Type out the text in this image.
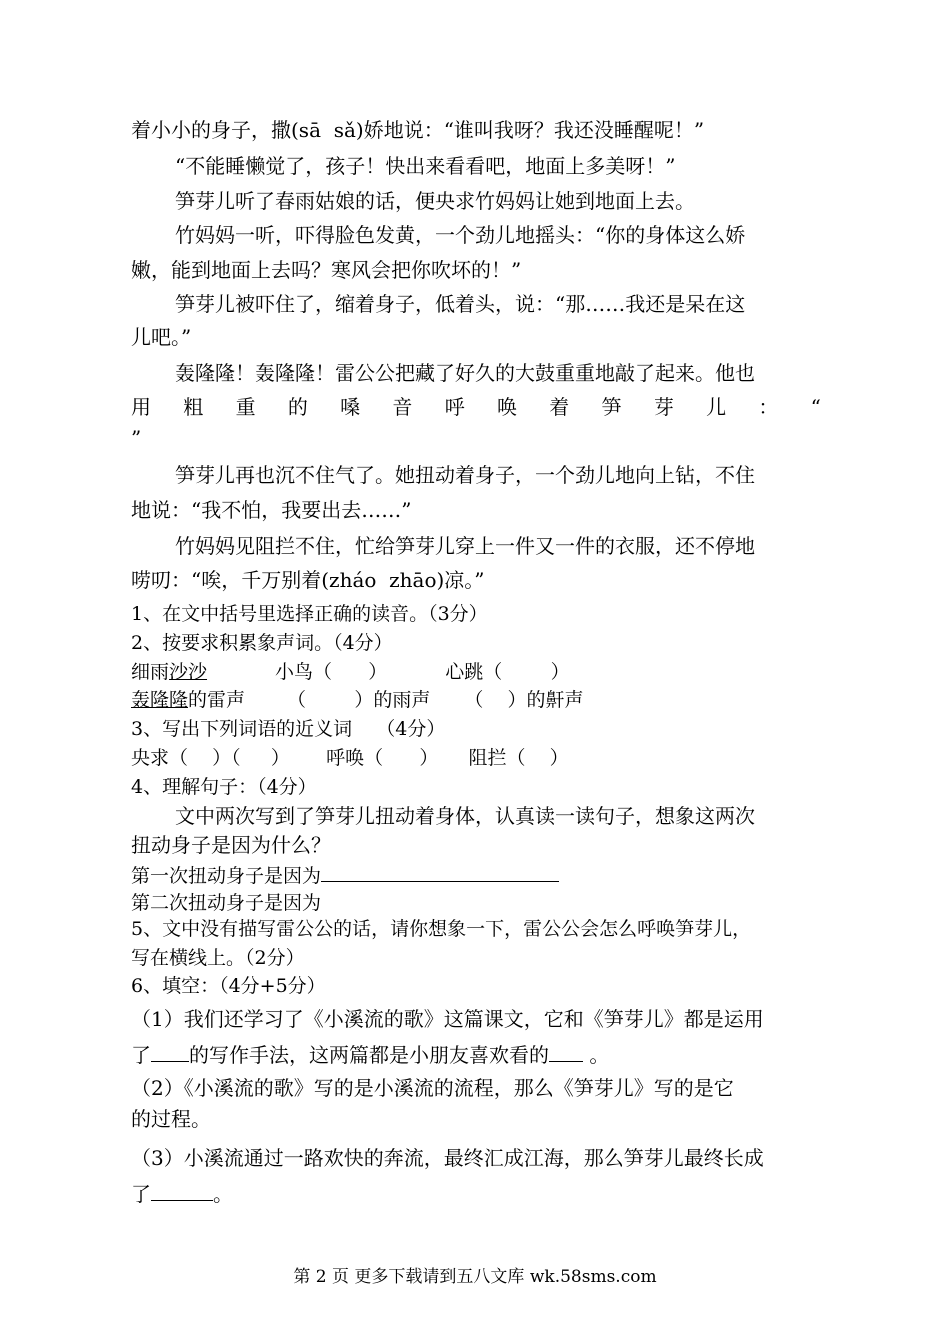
着小小的身子，撒(sā  sǎ)娇地说：“谁叫我呀？我还没睡醒呢！”
“不能睡懒觉了，孩子！快出来看看吧，地面上多美呀！”
笋芽儿听了春雨姑娘的话，便央求竹妈妈让她到地面上去。
竹妈妈一听，吓得脸色发黄，一个劲儿地摇头：“你的身体这么娇
嫩，能到地面上去吗？寒风会把你吹坏的！”
笋芽儿被吓住了，缩着身子，低着头，说：“那……我还是呆在这
儿吧。”
轰隆隆！轰隆隆！雷公公把藏了好久的大鼓重重地敲了起来。他也
用 粗 重 的 嗓 音 呼 唤 着 笋 芽 儿 ： “
”
笋芽儿再也沉不住气了。她扭动着身子，一个劲儿地向上钻，不住
地说：“我不怕，我要出去……”
竹妈妈见阻拦不住，忙给笋芽儿穿上一件又一件的衣服，还不停地
唠叨：“唉，千万别着(zháo  zhāo)凉。”
1、在文中括号里选择正确的读音。（3分）
2、按要求积累象声词。（4分）
细雨沙沙	小鸟（      ）	心跳（        ）
轰隆隆的雷声 （        ）的雨声 （    ）的鼾声
3、写出下列词语的近义词    （4分）
央求（    ）（     ）      呼唤（      ）     阻拦（    ）
4、理解句子：（4分）
文中两次写到了笋芽儿扭动着身体，认真读一读句子，想象这两次
扭动身子是因为什么？
第一次扭动身子是因为
第二次扭动身子是因为
5、文中没有描写雷公公的话，请你想象一下，雷公公会怎么呼唤笋芽儿，
写在横线上。（2分）
6、填空：（4分+5分）
（1）我们还学习了《小溪流的歌》这篇课文，它和《笋芽儿》都是运用
了 的写作手法，这两篇都是小朋友喜欢看的 。
（2）《小溪流的歌》写的是小溪流的流程，那么《笋芽儿》写的是它
的过程。
（3）小溪流通过一路欢快的奔流，最终汇成江海，那么笋芽儿最终长成
了	。
第 2 页 更多下载请到五八文库 wk.58sms.com
